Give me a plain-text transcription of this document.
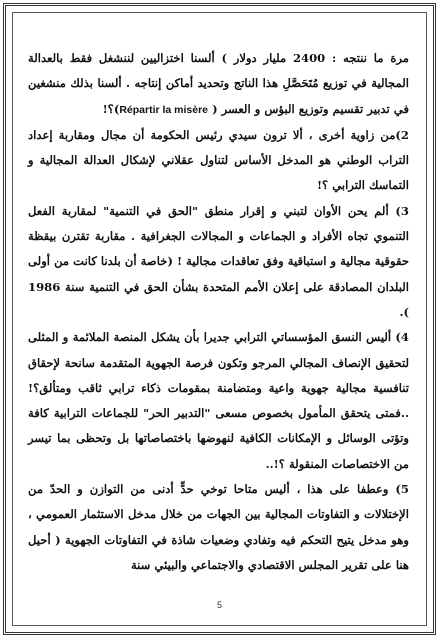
مرة ما ننتجه : 2400 مليار دولار ) ألسنا اختزاليين لننشغل فقط بالعدالة المجالية في توزيع مُتَحَصَّلِ هذا الناتج وتحديد أماكن إنتاجه . ألسنا بذلك منشغين في تدبير تقسيم وتوزيع البؤس و العسر ( Répartir la misère)؟!

2)من زاوية أخرى ، ألا ترون سيدي رئيس الحكومة أن مجال ومقاربة إعداد التراب الوطني هو المدخل الأساس لتناول عقلاني لإشكال العدالة المجالية و التماسك الترابي ؟!

3) ألم يحن الأوان لتبني و إقرار منطق "الحق في التنمية" لمقاربة الفعل التنموي تجاه الأفراد و الجماعات و المجالات الجغرافية . مقاربة تقترن بيقظة حقوقية مجالية و استباقية وفق تعاقدات مجالية ! (خاصة أن بلدنا كانت من أولى البلدان المصادقة على إعلان الأمم المتحدة بشأن الحق في التنمية سنة 1986 ).

4) أليس النسق المؤسساتي الترابي جديرا بأن يشكل المنصة الملائمة و المثلى لتحقيق الإنصاف المجالي المرجو وتكون فرصة الجهوية المتقدمة سانحة لإحقاق تنافسية مجالية جهوية واعية ومتضامنة بمقومات ذكاء ترابي ثاقب ومتألق؟! ..فمتى يتحقق المأمول بخصوص مسعى "التدبير الحر" للجماعات الترابية كافة وتؤتى الوسائل و الإمكانات الكافية لنهوضها باختصاصاتها بل وتحظى بما تيسر من الاختصاصات المنقولة ؟!..

5) وعطفا على هذا ، أليس متاحا توخي حدٍّ أدنى من التوازن و الحدّ من الإختلالات و التفاوتات المجالية بين الجهات من خلال مدخل الاستثمار العمومي ، وهو مدخل يتيح التحكم فيه وتفادي وضعيات شاذة في التفاوتات الجهوية ( أحيل هنا على تقرير المجلس الاقتصادي والاجتماعي والبيئي سنة

5
